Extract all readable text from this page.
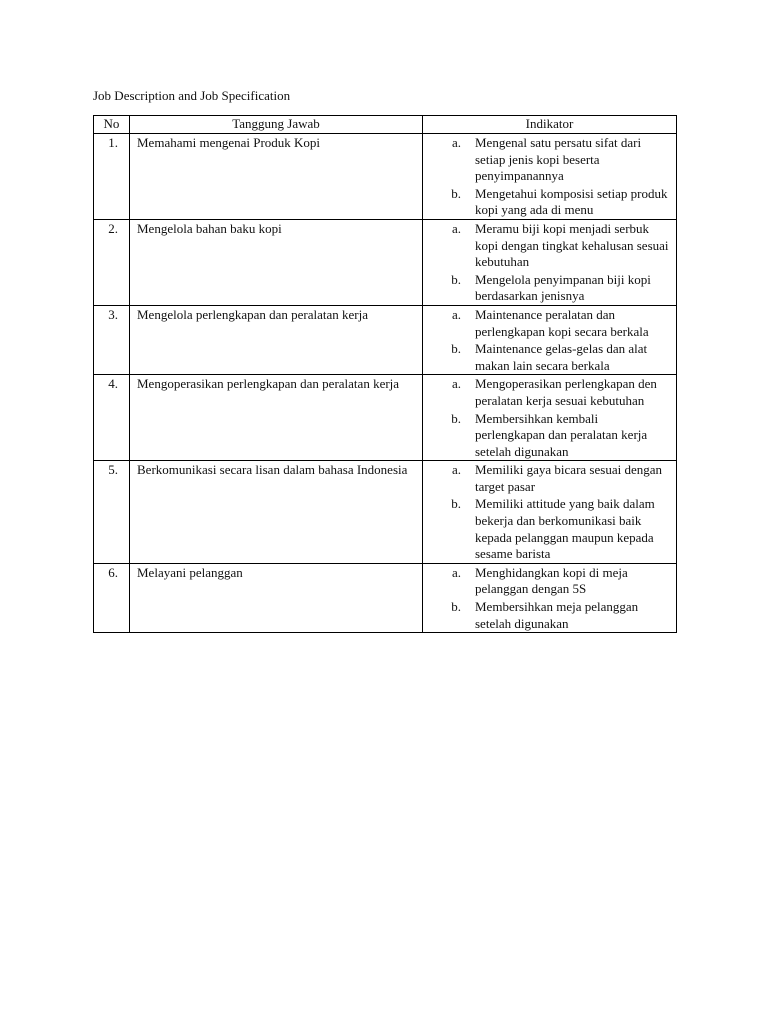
Job Description and Job Specification
No	Tanggung Jawab	Indikator
1.	Memahami mengenai Produk Kopi	a. Mengenal satu persatu sifat dari setiap jenis kopi beserta penyimpanannya
b. Mengetahui komposisi setiap produk kopi yang ada di menu

2.	Mengelola bahan baku kopi	a. Meramu biji kopi menjadi serbuk kopi dengan tingkat kehalusan sesuai kebutuhan
b. Mengelola penyimpanan biji kopi berdasarkan jenisnya

3.	Mengelola perlengkapan dan peralatan kerja	a. Maintenance peralatan dan perlengkapan kopi secara berkala
b. Maintenance gelas-gelas dan alat makan lain secara berkala

4.	Mengoperasikan perlengkapan dan peralatan kerja	a. Mengoperasikan perlengkapan den peralatan kerja sesuai kebutuhan
b. Membersihkan kembali perlengkapan dan peralatan kerja setelah digunakan

5.	Berkomunikasi secara lisan dalam bahasa Indonesia	a. Memiliki gaya bicara sesuai dengan target pasar
b. Memiliki attitude yang baik dalam bekerja dan berkomunikasi baik kepada pelanggan maupun kepada sesame barista

6.	Melayani pelanggan	a. Menghidangkan kopi di meja pelanggan dengan 5S
b. Membersihkan meja pelanggan setelah digunakan
